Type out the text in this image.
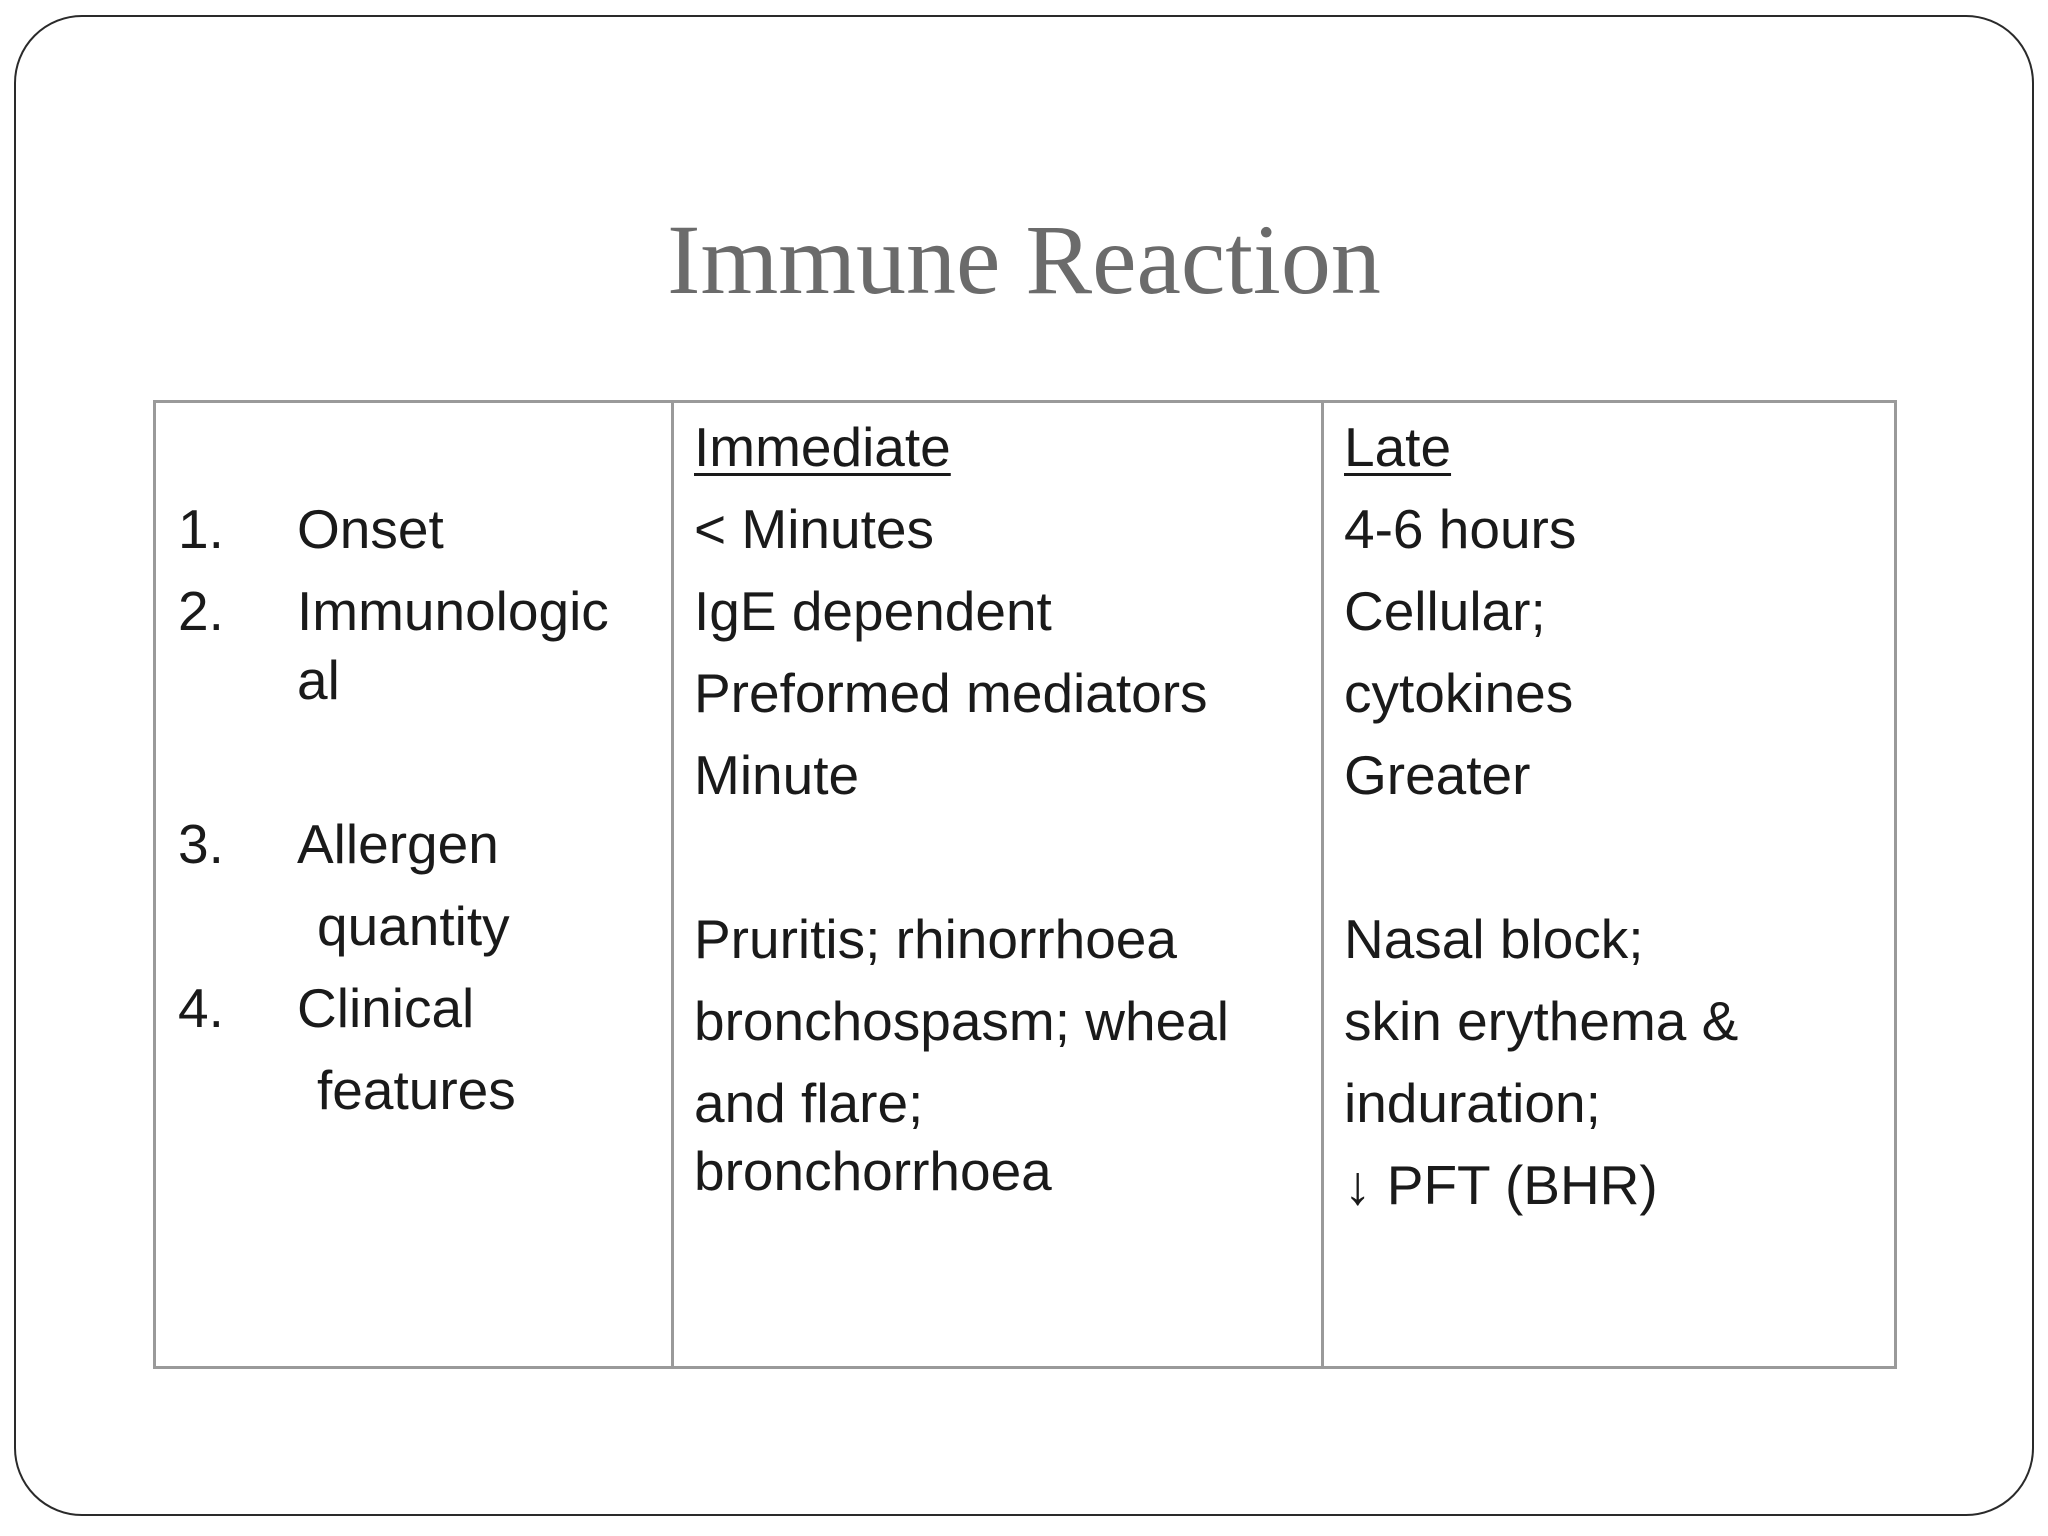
Immune Reaction
1. Onset
2. Immunologic
al
3. Allergen
quantity
4. Clinical
features
Immediate
< Minutes
IgE dependent
Preformed mediators
Minute
Pruritis; rhinorrhoea
bronchospasm; wheal
and flare;
bronchorrhoea
Late
4-6 hours
Cellular;
cytokines
Greater
Nasal block;
skin erythema &
induration;
↓ PFT (BHR)
